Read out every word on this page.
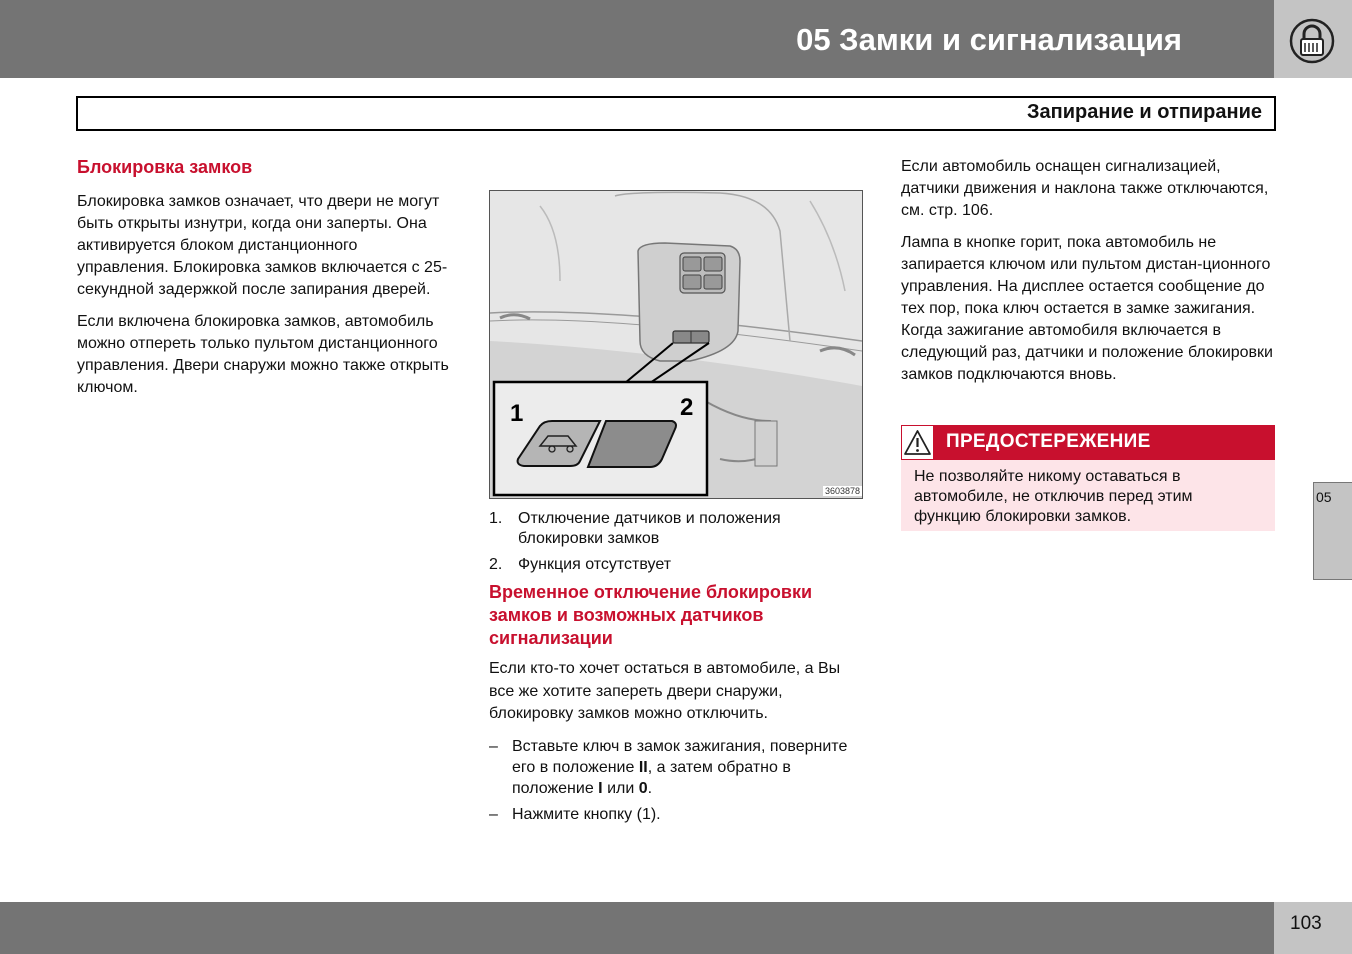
05 Замки и сигнализация
Запирание и отпирание
Блокировка замков

Блокировка замков означает, что двери не могут быть открыты изнутри, когда они заперты. Она активируется блоком дистанционного управления. Блокировка замков включается с 25-секундной задержкой после запирания дверей.

Если включена блокировка замков, автомобиль можно отпереть только пультом дистанционного управления. Двери снаружи можно также открыть ключом.

1	2
3603878
1. Отключение датчиков и положения блокировки замков
2. Функция отсутствует
Временное отключение блокировки замков и возможных датчиков сигнализации

Если кто-то хочет остаться в автомобиле, а Вы все же хотите запереть двери снаружи, блокировку замков можно отключить.

– Вставьте ключ в замок зажигания, поверните его в положение II, а затем обратно в положение I или 0.
– Нажмите кнопку (1).

Если автомобиль оснащен сигнализацией, датчики движения и наклона также отключаются, см. стр. 106.

Лампа в кнопке горит, пока автомобиль не запирается ключом или пультом дистан-ционного управления. На дисплее остается сообщение до тех пор, пока ключ остается в замке зажигания. Когда зажигание автомобиля включается в следующий раз, датчики и положение блокировки замков подключаются вновь.

ПРЕДОСТЕРЕЖЕНИЕ
Не позволяйте никому оставаться в автомобиле, не отключив перед этим функцию блокировки замков.
05
103
